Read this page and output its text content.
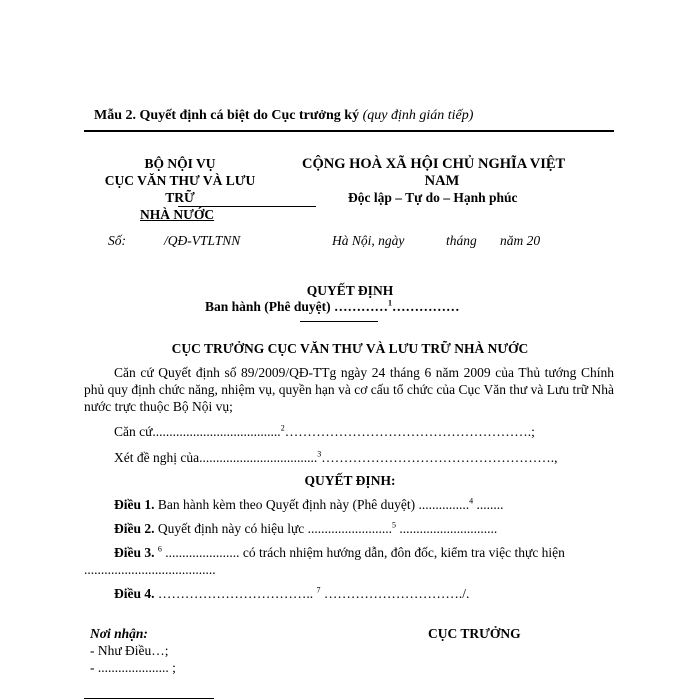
Mẫu 2. Quyết định cá biệt do Cục trưởng ký (quy định gián tiếp)
BỘ NỘI VỤ
CỤC VĂN THƯ VÀ LƯU
TRỮ
NHÀ NƯỚC
CỘNG HOÀ XÃ HỘI CHỦ NGHĨA VIỆT
NAM
Độc lập – Tự do – Hạnh phúc
Số:	/QĐ-VTLTNN	Hà Nội, ngày	tháng năm 20
QUYẾT ĐỊNH
Ban hành (Phê duyệt) …………$^1$……………
CỤC TRƯỞNG CỤC VĂN THƯ VÀ LƯU TRỮ NHÀ NƯỚC
Căn cứ Quyết định số 89/2009/QĐ-TTg ngày 24 tháng 6 năm 2009 của Thủ tướng Chính phủ quy định chức năng, nhiệm vụ, quyền hạn và cơ cấu tổ chức của Cục Văn thư và Lưu trữ Nhà nước trực thuộc Bộ Nội vụ;
Căn cứ......................................$^2$……………………………………………….;
Xét đề nghị của...................................$^3$…………………………………………….,
QUYẾT ĐỊNH:
Điều 1. Ban hành kèm theo Quyết định này (Phê duyệt) ...............$^4$ ........
Điều 2. Quyết định này có hiệu lực .........................$^5$ .............................
Điều 3. $^6$ ...................... có trách nhiệm hướng dẫn, đôn đốc, kiểm tra việc thực hiện
.......................................
Điều 4. …………………………….. $^7$ …………………………./.
Nơi nhận:
- Như Điều…;
- ..................... ;
CỤC TRƯỞNG
